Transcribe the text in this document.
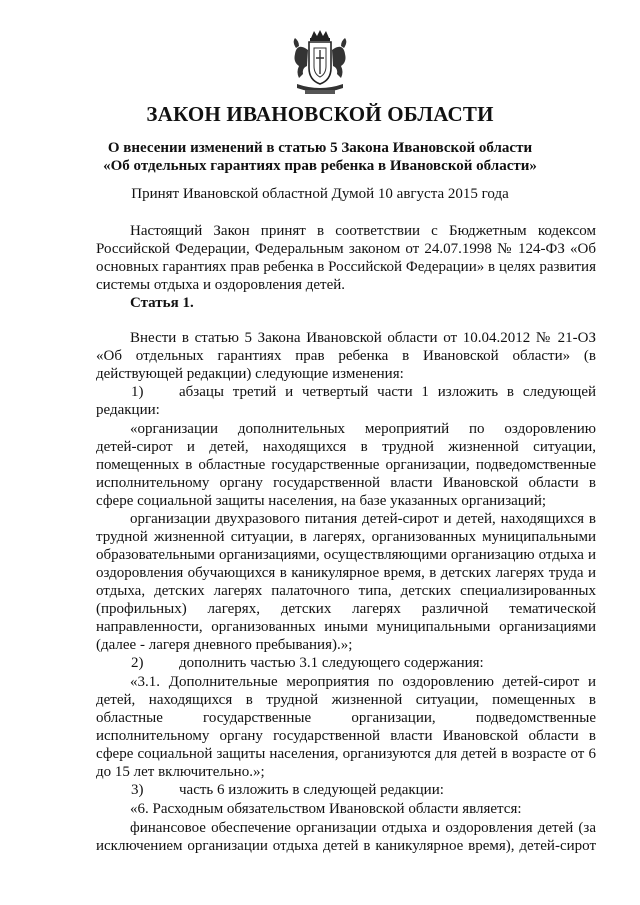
ЗАКОН ИВАНОВСКОЙ ОБЛАСТИ

О внесении изменений в статью 5 Закона Ивановской области
«Об отдельных гарантиях прав ребенка в Ивановской области»

Принят Ивановской областной Думой 10 августа 2015 года

Настоящий Закон принят в соответствии с Бюджетным кодексом
Российской Федерации, Федеральным законом от 24.07.1998 № 124-ФЗ «Об
основных гарантиях прав ребенка в Российской Федерации» в целях развития
системы отдыха и оздоровления детей.

Статья 1.

Внести в статью 5 Закона Ивановской области от 10.04.2012 № 21-ОЗ
«Об отдельных гарантиях прав ребенка в Ивановской области» (в
действующей редакции) следующие изменения:
1) абзацы третий и четвертый части 1 изложить в следующей
редакции:
«организации дополнительных мероприятий по оздоровлению
детей-сирот и детей, находящихся в трудной жизненной ситуации,
помещенных в областные государственные организации, подведомственные
исполнительному органу государственной власти Ивановской области в
сфере социальной защиты населения, на базе указанных организаций;
организации двухразового питания детей-сирот и детей, находящихся в
трудной жизненной ситуации, в лагерях, организованных муниципальными
образовательными организациями, осуществляющими организацию отдыха и
оздоровления обучающихся в каникулярное время, в детских лагерях труда и
отдыха, детских лагерях палаточного типа, детских специализированных
(профильных) лагерях, детских лагерях различной тематической
направленности, организованных иными муниципальными организациями
(далее - лагеря дневного пребывания).»;
2) дополнить частью 3.1 следующего содержания:
«3.1. Дополнительные мероприятия по оздоровлению детей-сирот и
детей, находящихся в трудной жизненной ситуации, помещенных в
областные государственные организации, подведомственные
исполнительному органу государственной власти Ивановской области в
сфере социальной защиты населения, организуются для детей в возрасте от 6
до 15 лет включительно.»;
3) часть 6 изложить в следующей редакции:
«6. Расходным обязательством Ивановской области является:
финансовое обеспечение организации отдыха и оздоровления детей (за
исключением организации отдыха детей в каникулярное время), детей-сирот
